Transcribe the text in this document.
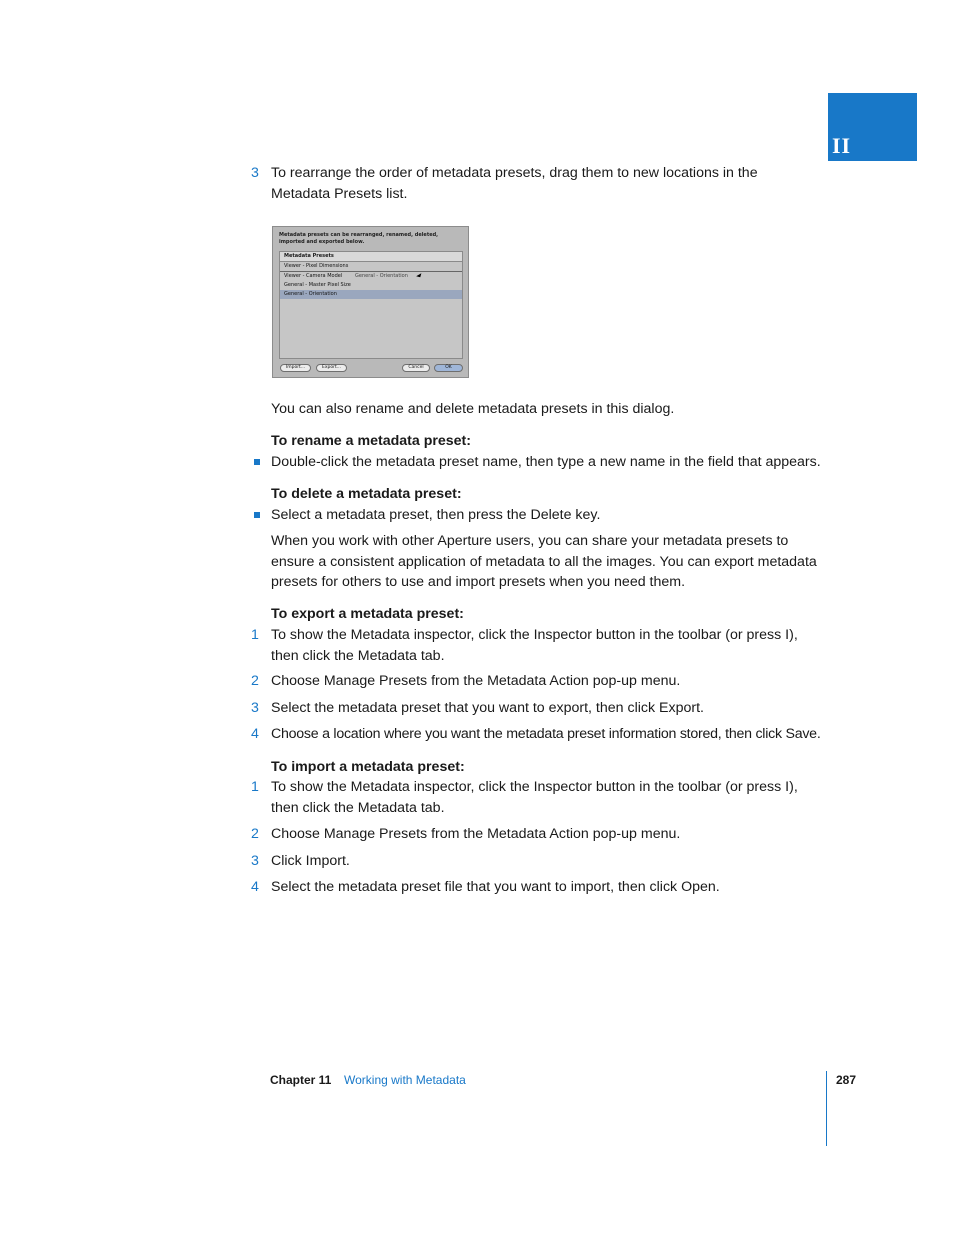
II
3 To rearrange the order of metadata presets, drag them to new locations in the Metadata Presets list.
Metadata presets can be rearranged, renamed, deleted, imported and exported below.
Metadata Presets
Viewer - Pixel Dimensions
Viewer - Camera Model	General - Orientation
General - Master Pixel Size
General - Orientation
Import...	Export...	Cancel	OK
You can also rename and delete metadata presets in this dialog.
To rename a metadata preset:
Double-click the metadata preset name, then type a new name in the field that appears.
To delete a metadata preset:
Select a metadata preset, then press the Delete key.
When you work with other Aperture users, you can share your metadata presets to ensure a consistent application of metadata to all the images. You can export metadata presets for others to use and import presets when you need them.
To export a metadata preset:
1 To show the Metadata inspector, click the Inspector button in the toolbar (or press I), then click the Metadata tab.
2 Choose Manage Presets from the Metadata Action pop-up menu.
3 Select the metadata preset that you want to export, then click Export.
4 Choose a location where you want the metadata preset information stored, then click Save.
To import a metadata preset:
1 To show the Metadata inspector, click the Inspector button in the toolbar (or press I), then click the Metadata tab.
2 Choose Manage Presets from the Metadata Action pop-up menu.
3 Click Import.
4 Select the metadata preset file that you want to import, then click Open.
Chapter 11 Working with Metadata	287
